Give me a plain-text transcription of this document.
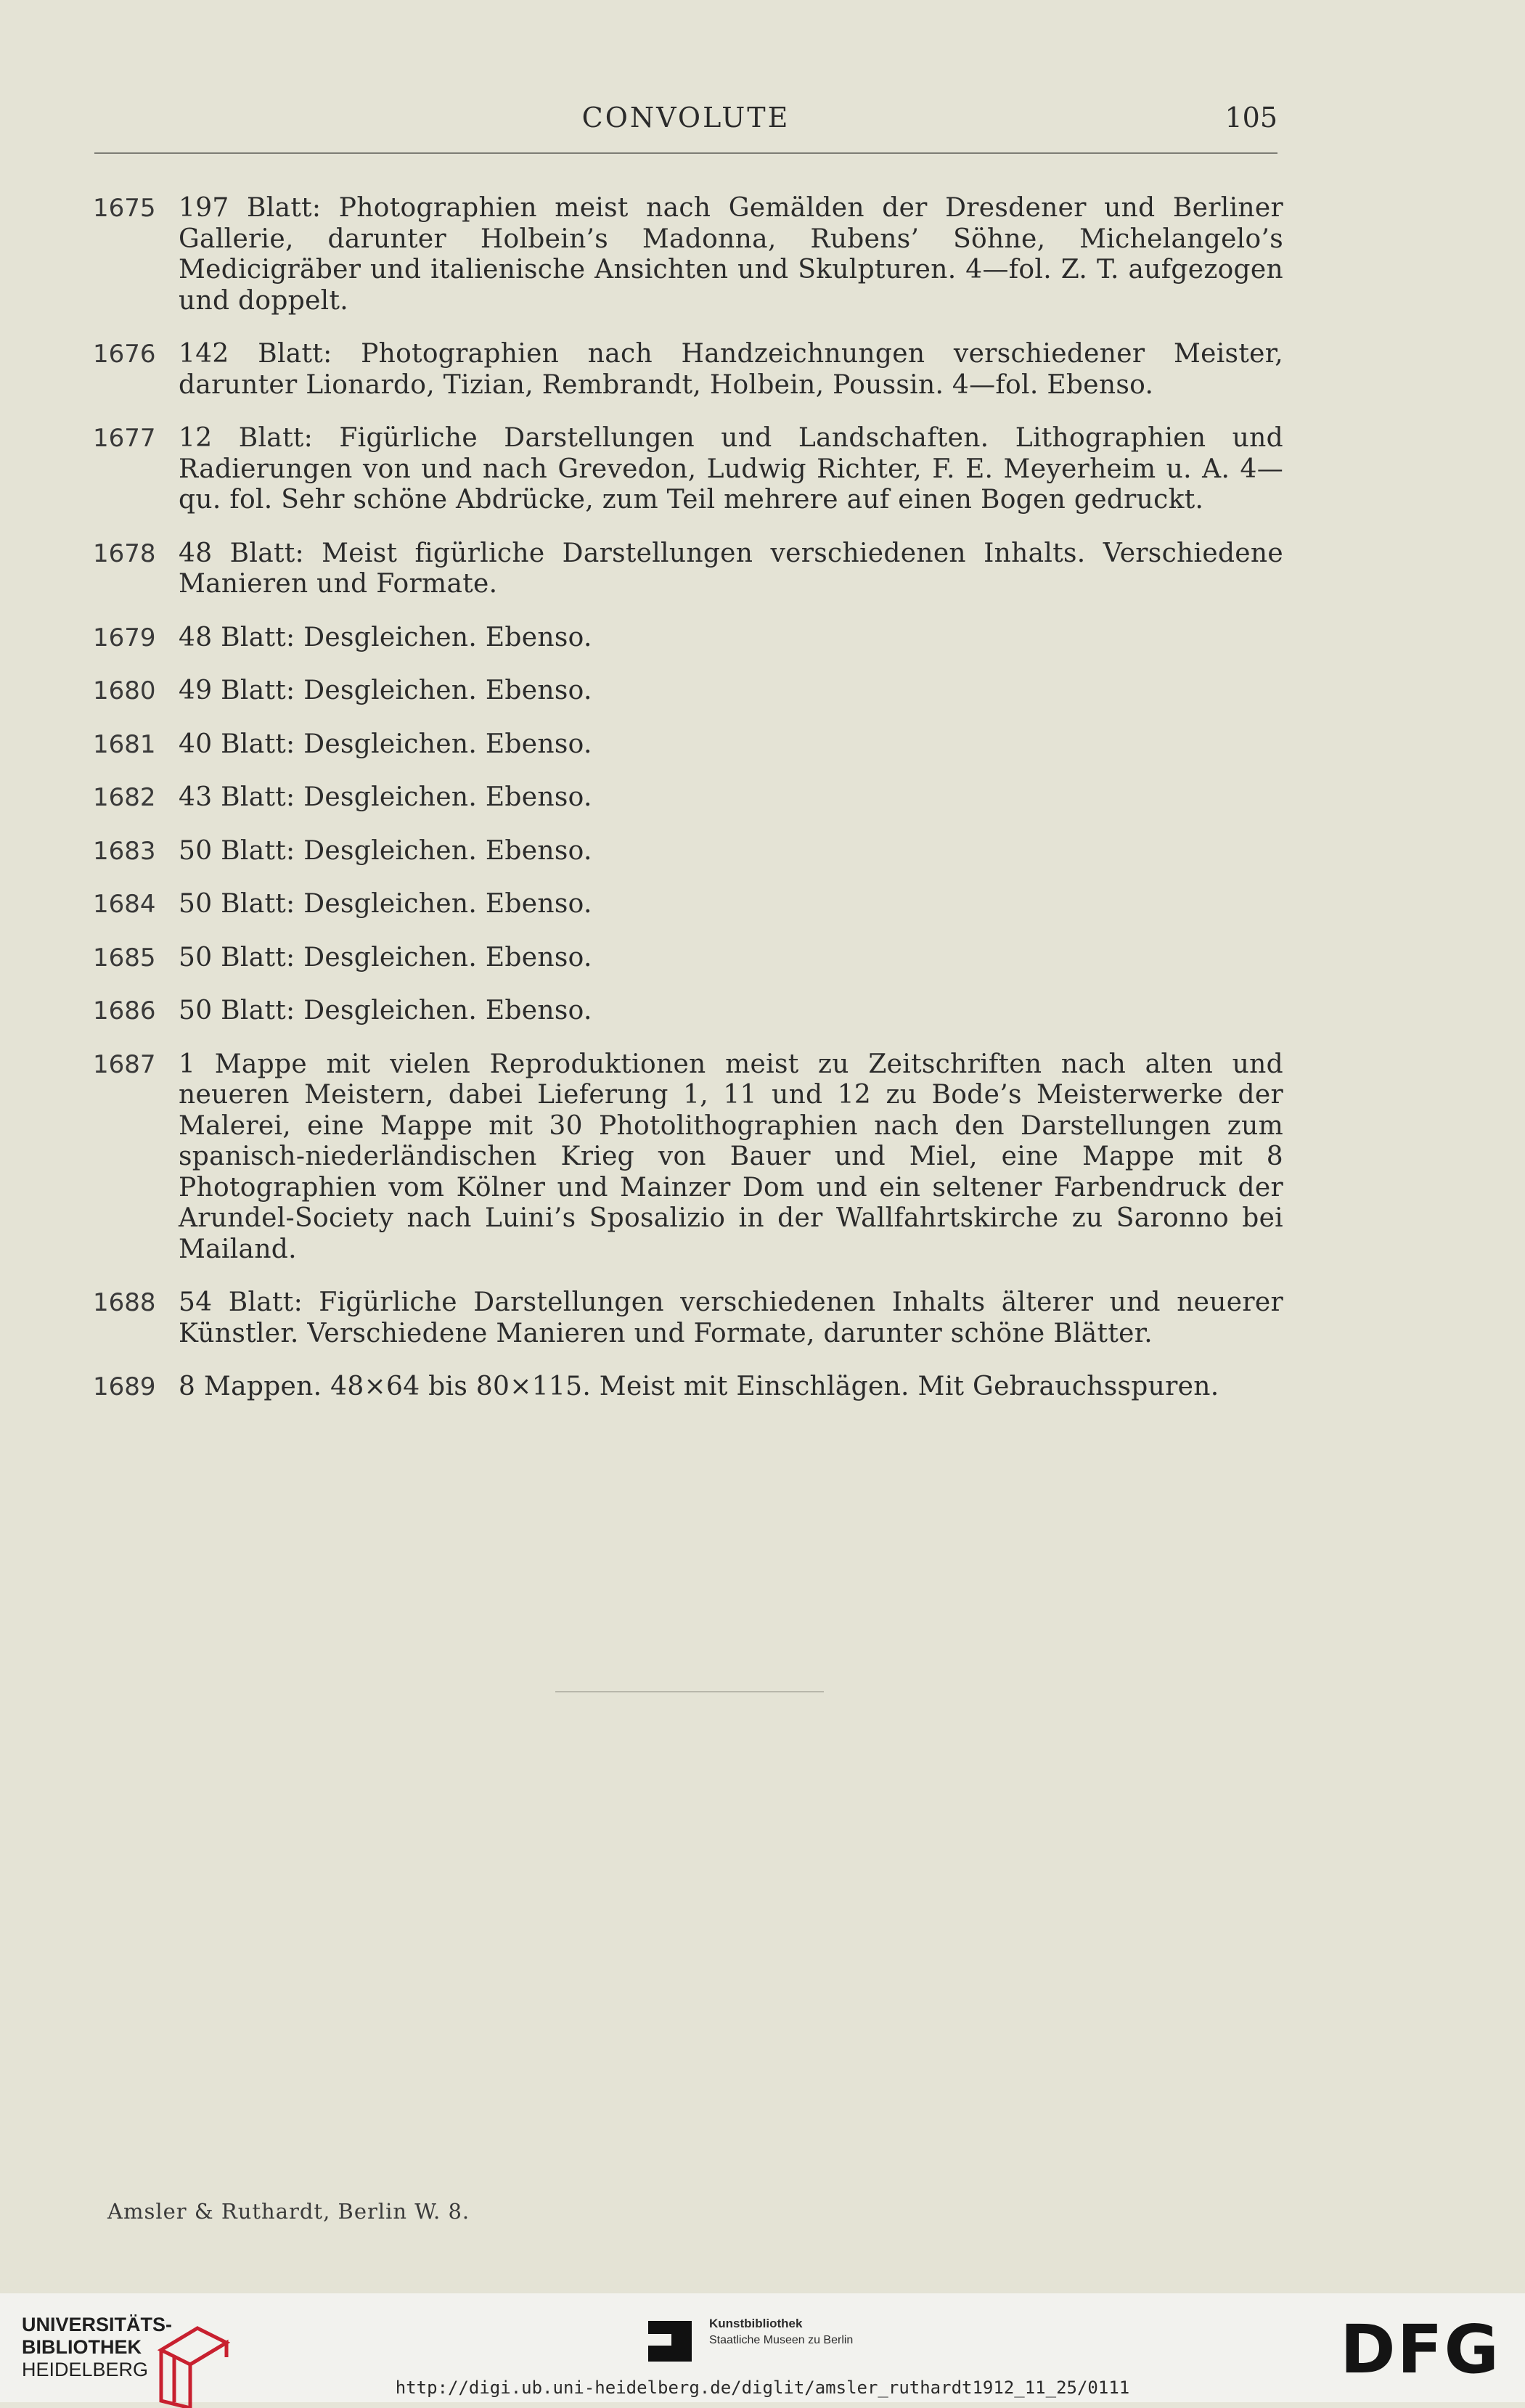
CONVOLUTE	105
1675 197 Blatt: Photographien meist nach Gemälden der Dresdener und Berliner Gallerie, darunter Holbein’s Madonna, Rubens’ Söhne, Michelangelo’s Medicigräber und italienische Ansichten und Skulpturen. 4—fol. Z. T. aufgezogen und doppelt.
1676 142 Blatt: Photographien nach Handzeichnungen verschiedener Meister, darunter Lionardo, Tizian, Rembrandt, Holbein, Poussin. 4—fol. Ebenso.
1677 12 Blatt: Figürliche Darstellungen und Landschaften. Lithographien und Radierungen von und nach Grevedon, Ludwig Richter, F. E. Meyerheim u. A. 4—qu. fol. Sehr schöne Abdrücke, zum Teil mehrere auf einen Bogen gedruckt.
1678 48 Blatt: Meist figürliche Darstellungen verschiedenen Inhalts. Verschiedene Manieren und Formate.
1679 48 Blatt: Desgleichen. Ebenso.
1680 49 Blatt: Desgleichen. Ebenso.
1681 40 Blatt: Desgleichen. Ebenso.
1682 43 Blatt: Desgleichen. Ebenso.
1683 50 Blatt: Desgleichen. Ebenso.
1684 50 Blatt: Desgleichen. Ebenso.
1685 50 Blatt: Desgleichen. Ebenso.
1686 50 Blatt: Desgleichen. Ebenso.
1687 1 Mappe mit vielen Reproduktionen meist zu Zeitschriften nach alten und neueren Meistern, dabei Lieferung 1, 11 und 12 zu Bode’s Meisterwerke der Malerei, eine Mappe mit 30 Photolithographien nach den Darstellungen zum spanisch-niederländischen Krieg von Bauer und Miel, eine Mappe mit 8 Photographien vom Kölner und Mainzer Dom und ein seltener Farbendruck der Arundel-Society nach Luini’s Sposalizio in der Wallfahrtskirche zu Saronno bei Mailand.
1688 54 Blatt: Figürliche Darstellungen verschiedenen Inhalts älterer und neuerer Künstler. Verschiedene Manieren und Formate, darunter schöne Blätter.
1689 8 Mappen. 48×64 bis 80×115. Meist mit Einschlägen. Mit Gebrauchsspuren.
Amsler & Ruthardt, Berlin W. 8.
UNIVERSITÄTS-
BIBLIOTHEK
HEIDELBERG
Kunstbibliothek
Staatliche Museen zu Berlin	DFG
http://digi.ub.uni-heidelberg.de/diglit/amsler_ruthardt1912_11_25/0111
